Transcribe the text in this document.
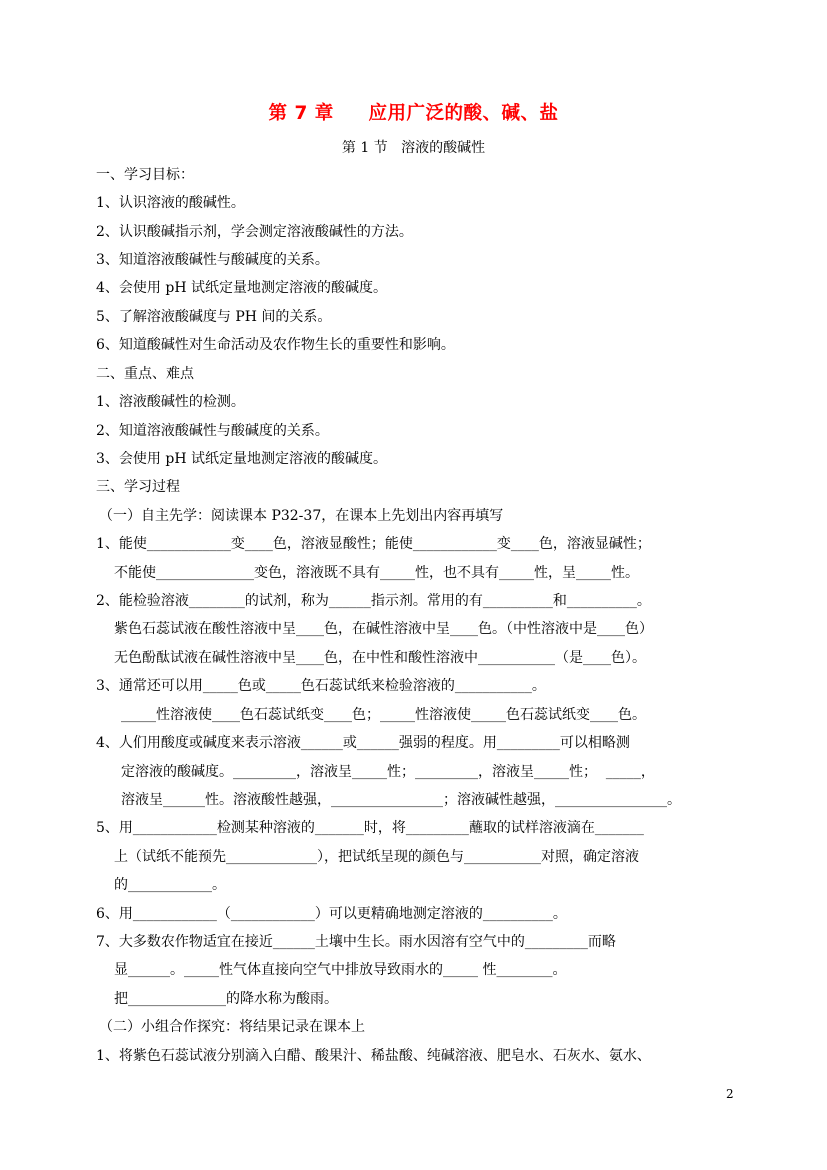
第 7 章     应用广泛的酸、碱、盐
第 1 节   溶液的酸碱性
一、学习目标：
1、认识溶液的酸碱性。
2、认识酸碱指示剂，学会测定溶液酸碱性的方法。
3、知道溶液酸碱性与酸碱度的关系。
4、会使用 pH 试纸定量地测定溶液的酸碱度。
5、了解溶液酸碱度与 PH 间的关系。
6、知道酸碱性对生命活动及农作物生长的重要性和影响。
二、重点、难点
1、溶液酸碱性的检测。
2、知道溶液酸碱性与酸碱度的关系。
3、会使用 pH 试纸定量地测定溶液的酸碱度。
三、学习过程
（一）自主先学：阅读课本 P32-37，在课本上先划出内容再填写
1、能使____________变____色，溶液显酸性；能使____________变____色，溶液显碱性；
不能使______________变色，溶液既不具有_____性，也不具有_____性，呈_____性。
2、能检验溶液________的试剂，称为______指示剂。常用的有__________和__________。
紫色石蕊试液在酸性溶液中呈____色，在碱性溶液中呈____色。（中性溶液中是____色）
无色酚酞试液在碱性溶液中呈____色，在中性和酸性溶液中___________（是____色）。
3、通常还可以用_____色或_____色石蕊试纸来检验溶液的___________。
_____性溶液使____色石蕊试纸变____色；_____性溶液使_____色石蕊试纸变____色。
4、人们用酸度或碱度来表示溶液______或______强弱的程度。用_________可以相略测
定溶液的酸碱度。_________，溶液呈_____性；_________，溶液呈_____性；  _____，
溶液呈______性。溶液酸性越强，________________；溶液碱性越强，________________。
5、用____________检测某种溶液的_______时，将_________蘸取的试样溶液滴在_______
上（试纸不能预先_____________），把试纸呈现的颜色与___________对照，确定溶液
的____________。
6、用____________（____________）可以更精确地测定溶液的__________。
7、大多数农作物适宜在接近______土壤中生长。雨水因溶有空气中的_________而略
显______。_____性气体直接向空气中排放导致雨水的_____ 性________。
把______________的降水称为酸雨。
（二）小组合作探究：将结果记录在课本上
1、将紫色石蕊试液分别滴入白醋、酸果汁、稀盐酸、纯碱溶液、肥皂水、石灰水、氨水、
2
